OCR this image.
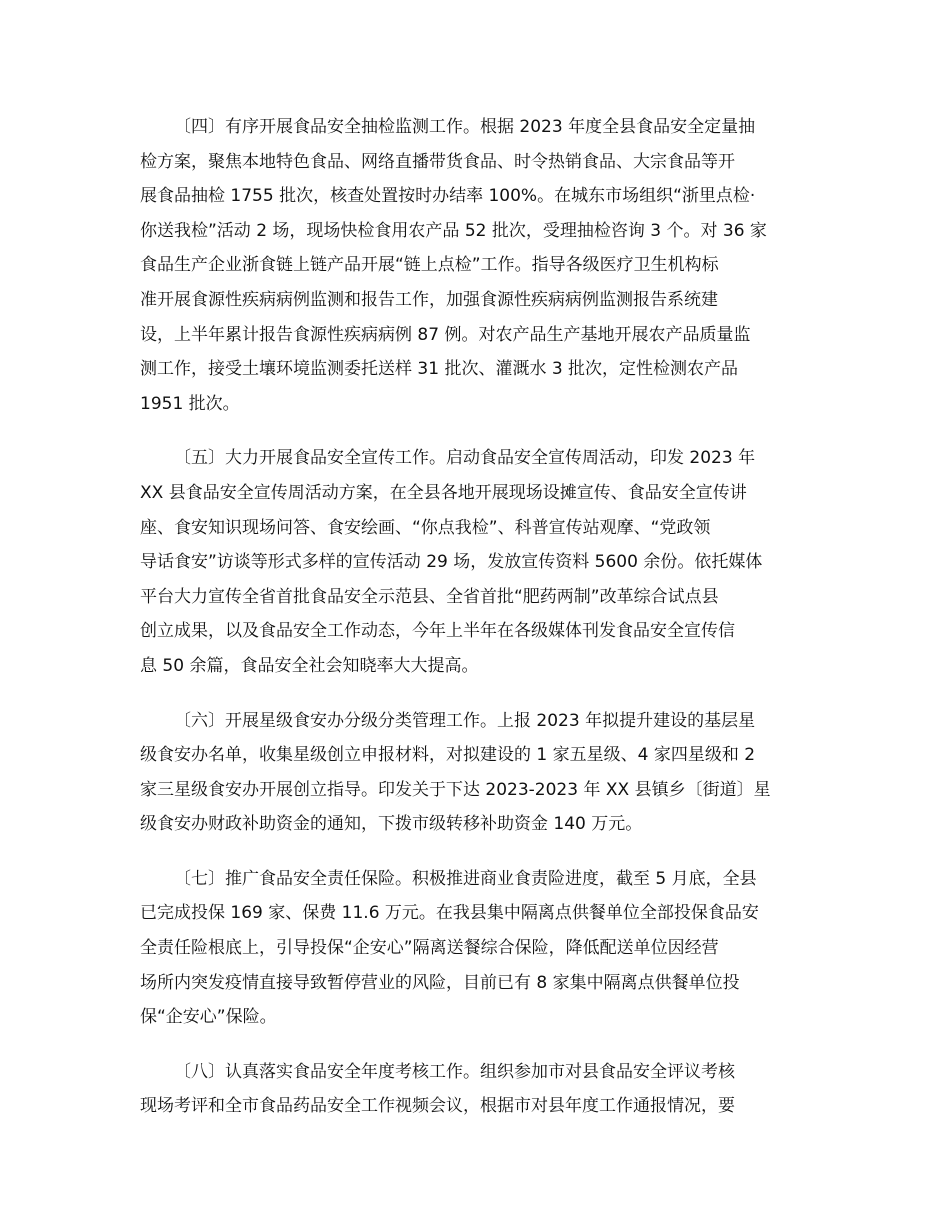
〔四〕有序开展食品安全抽检监测工作。根据 2023 年度全县食品安全定量抽
检方案，聚焦本地特色食品、网络直播带货食品、时令热销食品、大宗食品等开
展食品抽检 1755 批次，核查处置按时办结率 100%。在城东市场组织“浙里点检·
你送我检”活动 2 场，现场快检食用农产品 52 批次，受理抽检咨询 3 个。对 36 家
食品生产企业浙食链上链产品开展“链上点检”工作。指导各级医疗卫生机构标
准开展食源性疾病病例监测和报告工作，加强食源性疾病病例监测报告系统建
设，上半年累计报告食源性疾病病例 87 例。对农产品生产基地开展农产品质量监
测工作，接受土壤环境监测委托送样 31 批次、灌溉水 3 批次，定性检测农产品
1951 批次。
〔五〕大力开展食品安全宣传工作。启动食品安全宣传周活动，印发 2023 年
XX 县食品安全宣传周活动方案，在全县各地开展现场设摊宣传、食品安全宣传讲
座、食安知识现场问答、食安绘画、“你点我检”、科普宣传站观摩、“党政领
导话食安”访谈等形式多样的宣传活动 29 场，发放宣传资料 5600 余份。依托媒体
平台大力宣传全省首批食品安全示范县、全省首批“肥药两制”改革综合试点县
创立成果，以及食品安全工作动态，今年上半年在各级媒体刊发食品安全宣传信
息 50 余篇，食品安全社会知晓率大大提高。
〔六〕开展星级食安办分级分类管理工作。上报 2023 年拟提升建设的基层星
级食安办名单，收集星级创立申报材料，对拟建设的 1 家五星级、4 家四星级和 2
家三星级食安办开展创立指导。印发关于下达 2023-2023 年 XX 县镇乡〔街道〕星
级食安办财政补助资金的通知，下拨市级转移补助资金 140 万元。
〔七〕推广食品安全责任保险。积极推进商业食责险进度，截至 5 月底，全县
已完成投保 169 家、保费 11.6 万元。在我县集中隔离点供餐单位全部投保食品安
全责任险根底上，引导投保“企安心”隔离送餐综合保险，降低配送单位因经营
场所内突发疫情直接导致暂停营业的风险，目前已有 8 家集中隔离点供餐单位投
保“企安心”保险。
〔八〕认真落实食品安全年度考核工作。组织参加市对县食品安全评议考核
现场考评和全市食品药品安全工作视频会议，根据市对县年度工作通报情况，要
